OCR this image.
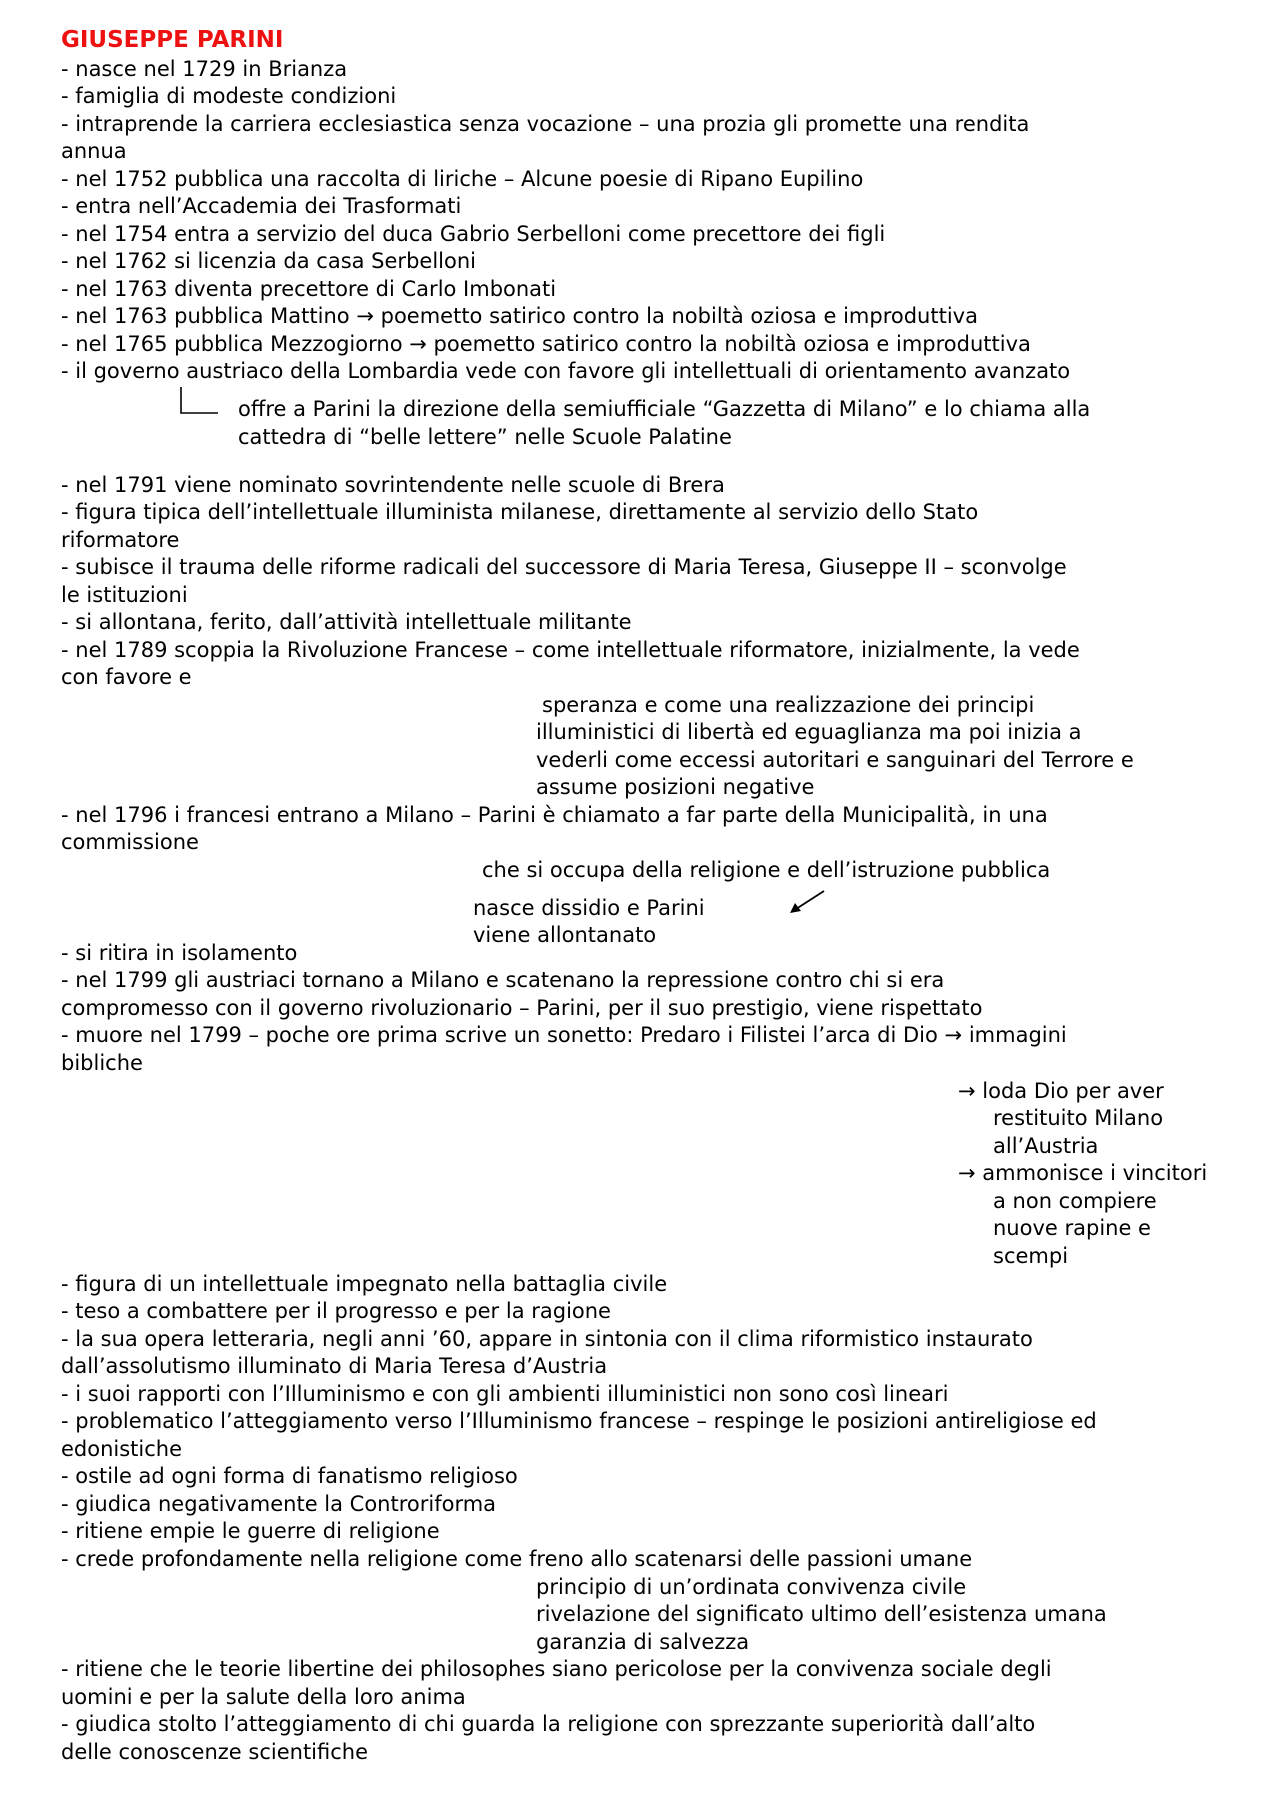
GIUSEPPE PARINI
- nasce nel 1729 in Brianza
- famiglia di modeste condizioni
- intraprende la carriera ecclesiastica senza vocazione – una prozia gli promette una rendita
annua
- nel 1752 pubblica una raccolta di liriche – Alcune poesie di Ripano Eupilino
- entra nell’Accademia dei Trasformati
- nel 1754 entra a servizio del duca Gabrio Serbelloni come precettore dei figli
- nel 1762 si licenzia da casa Serbelloni
- nel 1763 diventa precettore di Carlo Imbonati
- nel 1763 pubblica Mattino → poemetto satirico contro la nobiltà oziosa e improduttiva
- nel 1765 pubblica Mezzogiorno → poemetto satirico contro la nobiltà oziosa e improduttiva
- il governo austriaco della Lombardia vede con favore gli intellettuali di orientamento avanzato
offre a Parini la direzione della semiufficiale “Gazzetta di Milano” e lo chiama alla
cattedra di “belle lettere” nelle Scuole Palatine
- nel 1791 viene nominato sovrintendente nelle scuole di Brera
- figura tipica dell’intellettuale illuminista milanese, direttamente al servizio dello Stato
riformatore
- subisce il trauma delle riforme radicali del successore di Maria Teresa, Giuseppe II – sconvolge
le istituzioni
- si allontana, ferito, dall’attività intellettuale militante
- nel 1789 scoppia la Rivoluzione Francese – come intellettuale riformatore, inizialmente, la vede
con favore e
speranza e come una realizzazione dei principi
illuministici di libertà ed eguaglianza ma poi inizia a
vederli come eccessi autoritari e sanguinari del Terrore e
assume posizioni negative
- nel 1796 i francesi entrano a Milano – Parini è chiamato a far parte della Municipalità, in una
commissione
che si occupa della religione e dell’istruzione pubblica
nasce dissidio e Parini
viene allontanato
- si ritira in isolamento
- nel 1799 gli austriaci tornano a Milano e scatenano la repressione contro chi si era
compromesso con il governo rivoluzionario – Parini, per il suo prestigio, viene rispettato
- muore nel 1799 – poche ore prima scrive un sonetto: Predaro i Filistei l’arca di Dio → immagini
bibliche
→ loda Dio per aver
restituito Milano
all’Austria
→ ammonisce i vincitori
a non compiere
nuove rapine e
scempi
- figura di un intellettuale impegnato nella battaglia civile
- teso a combattere per il progresso e per la ragione
- la sua opera letteraria, negli anni ’60, appare in sintonia con il clima riformistico instaurato
dall’assolutismo illuminato di Maria Teresa d’Austria
- i suoi rapporti con l’Illuminismo e con gli ambienti illuministici non sono così lineari
- problematico l’atteggiamento verso l’Illuminismo francese – respinge le posizioni antireligiose ed
edonistiche
- ostile ad ogni forma di fanatismo religioso
- giudica negativamente la Controriforma
- ritiene empie le guerre di religione
- crede profondamente nella religione come freno allo scatenarsi delle passioni umane
principio di un’ordinata convivenza civile
rivelazione del significato ultimo dell’esistenza umana
garanzia di salvezza
- ritiene che le teorie libertine dei philosophes siano pericolose per la convivenza sociale degli
uomini e per la salute della loro anima
- giudica stolto l’atteggiamento di chi guarda la religione con sprezzante superiorità dall’alto
delle conoscenze scientifiche
